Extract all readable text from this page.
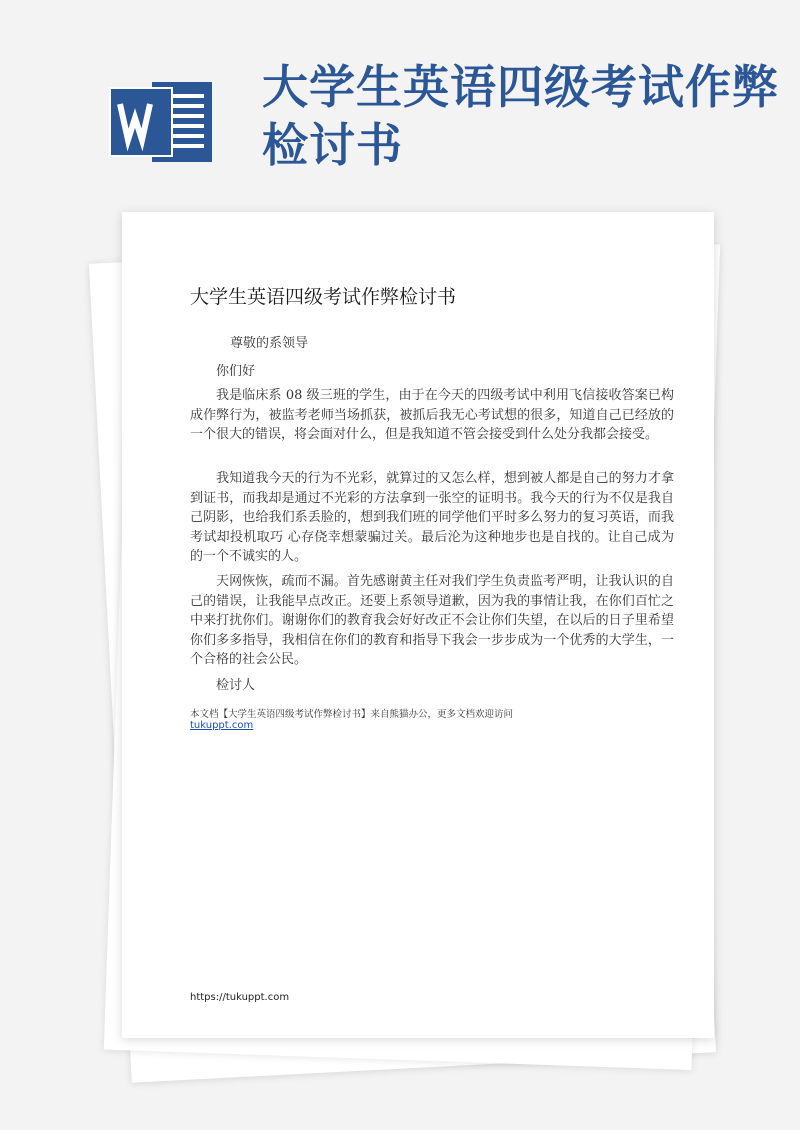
大学生英语四级考试作弊检讨书
大学生英语四级考试作弊检讨书
尊敬的系领导
你们好

我是临床系 08 级三班的学生，由于在今天的四级考试中利用飞信接收答案已构成作弊行为，被监考老师当场抓获，被抓后我无心考试想的很多，知道自己已经放的一个很大的错误，将会面对什么，但是我知道不管会接受到什么处分我都会接受。

我知道我今天的行为不光彩，就算过的又怎么样，想到被人都是自己的努力才拿到证书，而我却是通过不光彩的方法拿到一张空的证明书。我今天的行为不仅是我自己阴影，也给我们系丢脸的，想到我们班的同学他们平时多么努力的复习英语，而我考试却投机取巧 心存侥幸想蒙骗过关。最后沦为这种地步也是自找的。让自己成为的一个不诚实的人。

天网恢恢，疏而不漏。首先感谢黄主任对我们学生负责监考严明，让我认识的自己的错误，让我能早点改正。还要上系领导道歉，因为我的事情让我，在你们百忙之中来打扰你们。谢谢你们的教育我会好好改正不会让你们失望，在以后的日子里希望你们多多指导，我相信在你们的教育和指导下我会一步步成为一个优秀的大学生，一个合格的社会公民。

检讨人
本文档【大学生英语四级考试作弊检讨书】来自熊猫办公，更多文档欢迎访问
tukuppt.com
https://tukuppt.com
